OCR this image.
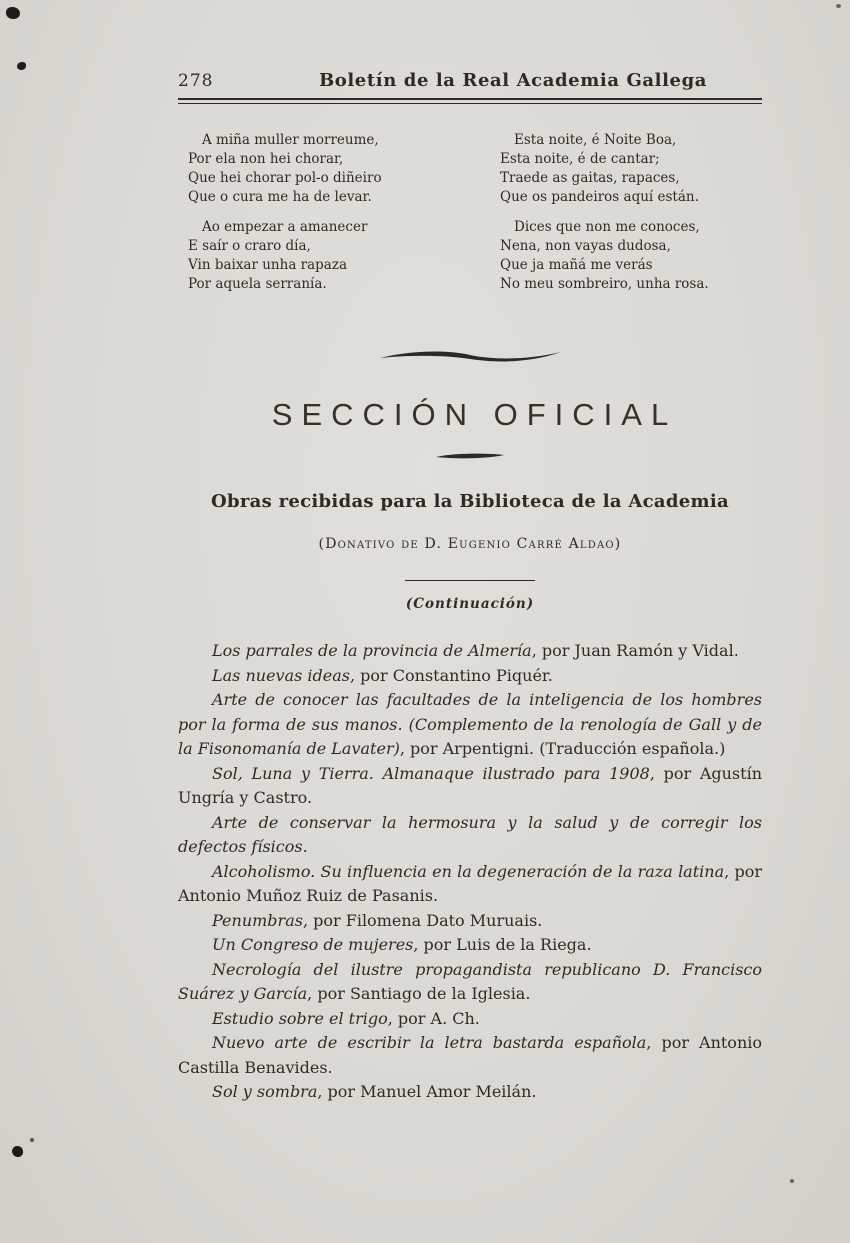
278	Boletín de la Real Academia Gallega
A miña muller morreume,
Por ela non hei chorar,
Que hei chorar pol-o diñeiro
Que o cura me ha de levar.
Ao empezar a amanecer
E saír o craro día,
Vin baixar unha rapaza
Por aquela serranía.
Esta noite, é Noite Boa,
Esta noite, é de cantar;
Traede as gaitas, rapaces,
Que os pandeiros aquí están.
Dices que non me conoces,
Nena, non vayas dudosa,
Que ja mañá me verás
No meu sombreiro, unha rosa.
SECCIÓN OFICIAL
Obras recibidas para la Biblioteca de la Academia
(Donativo de D. Eugenio Carré Aldao)
(Continuación)

Los parrales de la provincia de Almería, por Juan Ramón y Vidal.

Las nuevas ideas, por Constantino Piquér.

Arte de conocer las facultades de la inteligencia de los hombres por la forma de sus manos. (Complemento de la renología de Gall y de la Fisonomanía de Lavater), por Arpentigni. (Traducción española.)

Sol, Luna y Tierra. Almanaque ilustrado para 1908, por Agustín Ungría y Castro.

Arte de conservar la hermosura y la salud y de corregir los defectos físicos.

Alcoholismo. Su influencia en la degeneración de la raza latina, por Antonio Muñoz Ruiz de Pasanis.

Penumbras, por Filomena Dato Muruais.

Un Congreso de mujeres, por Luis de la Riega.

Necrología del ilustre propagandista republicano D. Francisco Suárez y García, por Santiago de la Iglesia.

Estudio sobre el trigo, por A. Ch.

Nuevo arte de escribir la letra bastarda española, por Antonio Castilla Benavides.

Sol y sombra, por Manuel Amor Meilán.
